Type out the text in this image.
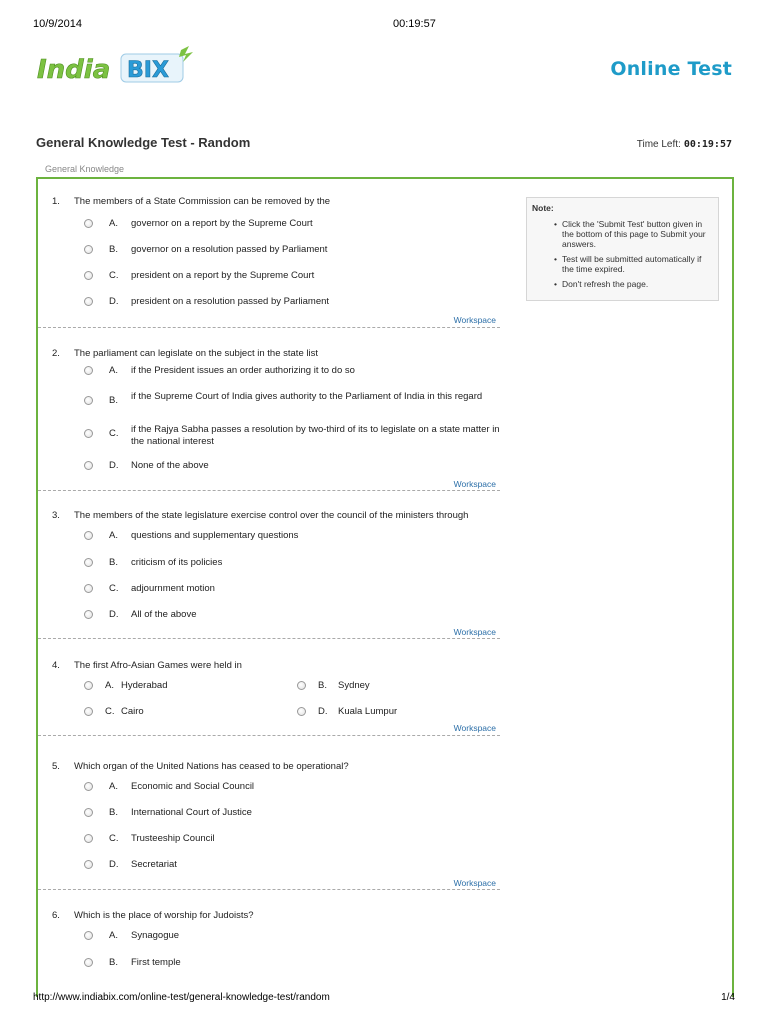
10/9/2014	00:19:57
India BIX	Online Test
General Knowledge Test - Random	Time Left: 00:19:57
General Knowledge
Note:
• Click the 'Submit Test' button given in the bottom of this page to Submit your answers.
• Test will be submitted automatically if the time expired.
• Don't refresh the page.
1.	The members of a State Commission can be removed by the
A.	governor on a report by the Supreme Court
B.	governor on a resolution passed by Parliament
C.	president on a report by the Supreme Court
D.	president on a resolution passed by Parliament
Workspace
2.	The parliament can legislate on the subject in the state list
A.	if the President issues an order authorizing it to do so
B.	if the Supreme Court of India gives authority to the Parliament of India in this regard
C.	if the Rajya Sabha passes a resolution by two-third of its to legislate on a state matter in the national interest
D.	None of the above
Workspace
3.	The members of the state legislature exercise control over the council of the ministers through
A.	questions and supplementary questions
B.	criticism of its policies
C.	adjournment motion
D.	All of the above
Workspace
4.	The first Afro-Asian Games were held in
A. Hyderabad	B.	Sydney
C. Cairo	D.	Kuala Lumpur
Workspace
5.	Which organ of the United Nations has ceased to be operational?
A.	Economic and Social Council
B.	International Court of Justice
C.	Trusteeship Council
D.	Secretariat
Workspace
6.	Which is the place of worship for Judoists?
A.	Synagogue
B.	First temple
http://www.indiabix.com/online-test/general-knowledge-test/random	1/4
